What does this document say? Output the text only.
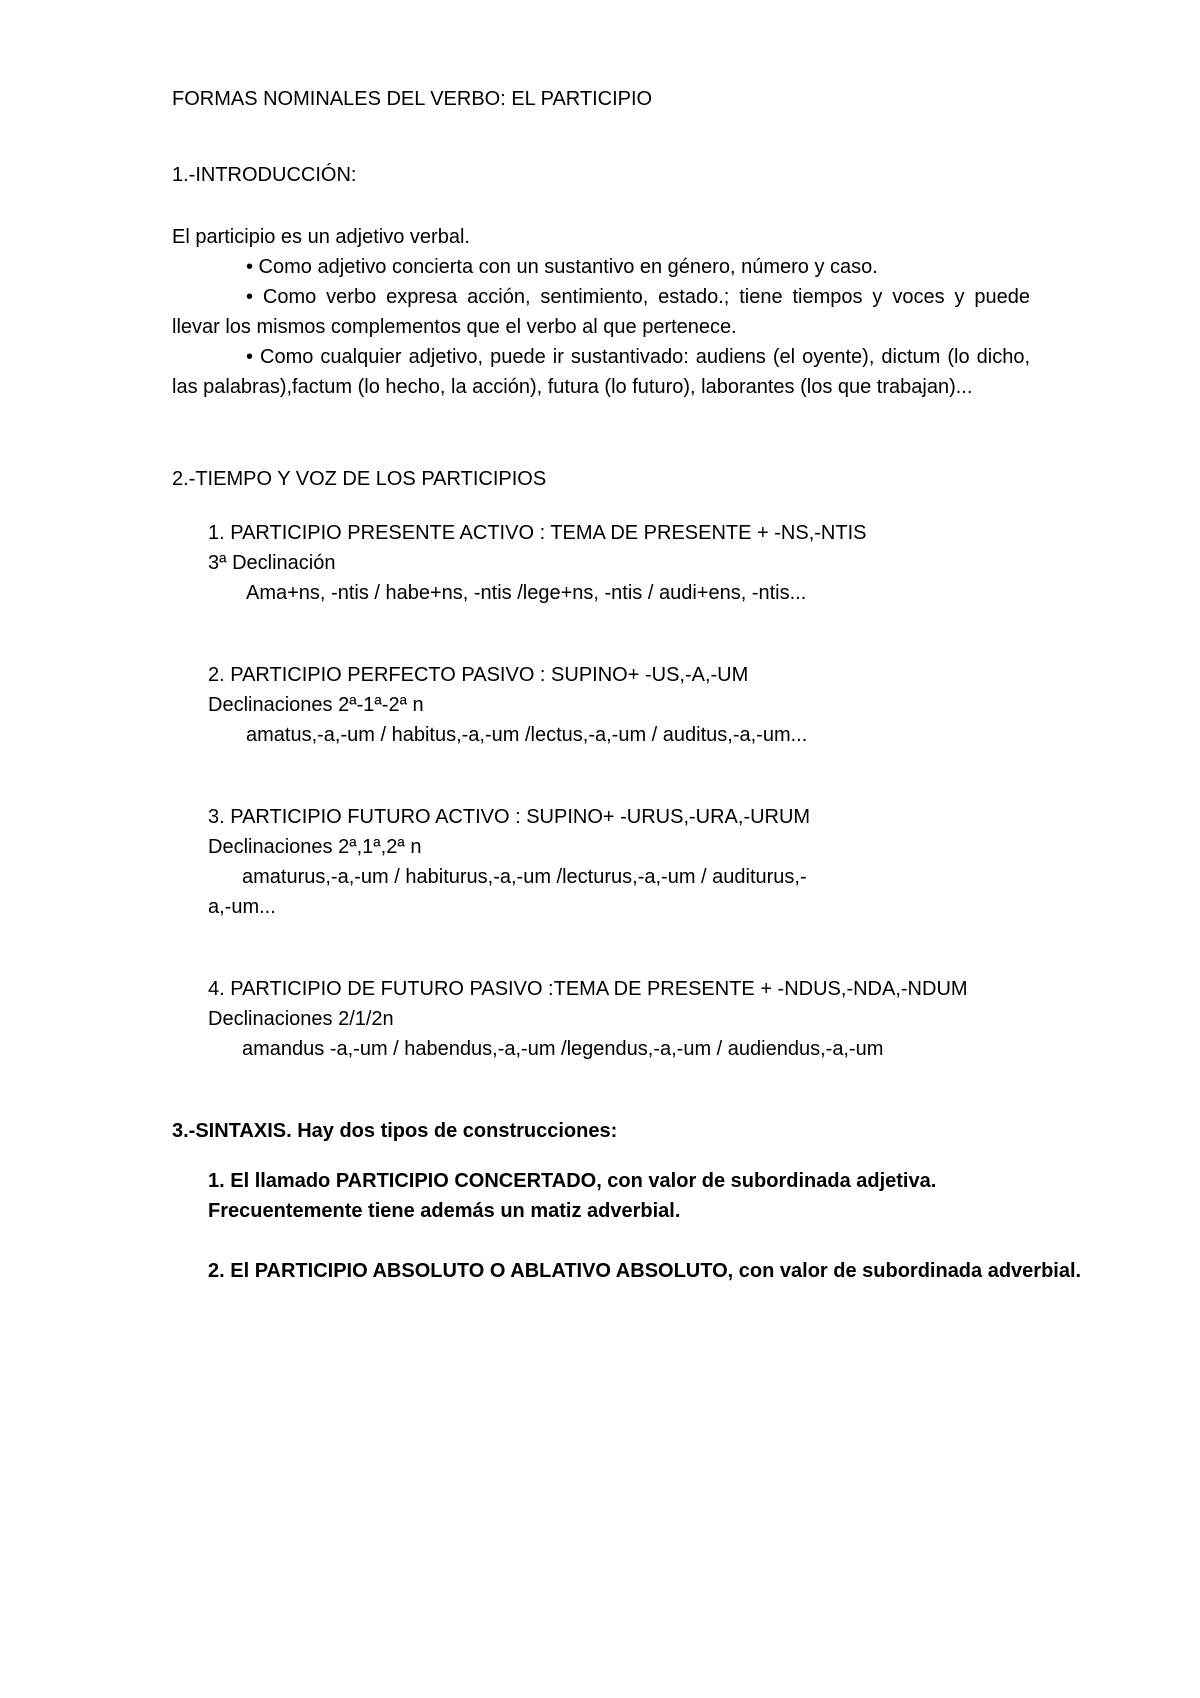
FORMAS NOMINALES DEL VERBO: EL PARTICIPIO
1.-INTRODUCCIÓN:
El participio es un adjetivo verbal.
• Como adjetivo concierta con un sustantivo en género, número y caso.
• Como verbo expresa acción, sentimiento, estado.; tiene tiempos y voces y puede llevar los mismos complementos que el verbo al que pertenece.
• Como cualquier adjetivo, puede ir sustantivado: audiens (el oyente), dictum (lo dicho, las palabras),factum (lo hecho, la acción), futura (lo futuro), laborantes (los que trabajan)...
2.-TIEMPO Y VOZ DE LOS PARTICIPIOS
1. PARTICIPIO PRESENTE ACTIVO : TEMA DE PRESENTE + -NS,-NTIS
3ª Declinación
Ama+ns, -ntis / habe+ns, -ntis /lege+ns, -ntis / audi+ens, -ntis...
2. PARTICIPIO PERFECTO PASIVO : SUPINO+ -US,-A,-UM
Declinaciones 2ª-1ª-2ª n
amatus,-a,-um / habitus,-a,-um /lectus,-a,-um / auditus,-a,-um...
3. PARTICIPIO FUTURO ACTIVO : SUPINO+ -URUS,-URA,-URUM
Declinaciones 2ª,1ª,2ª n
amaturus,-a,-um / habiturus,-a,-um /lecturus,-a,-um / auditurus,-
a,-um...
4. PARTICIPIO DE FUTURO PASIVO :TEMA DE PRESENTE + -NDUS,-NDA,-NDUM
Declinaciones 2/1/2n
amandus -a,-um / habendus,-a,-um /legendus,-a,-um / audiendus,-a,-um
3.-SINTAXIS. Hay dos tipos de construcciones:
1. El llamado PARTICIPIO CONCERTADO, con valor de subordinada adjetiva.
Frecuentemente tiene además un matiz adverbial.
2. El PARTICIPIO ABSOLUTO O ABLATIVO ABSOLUTO, con valor de subordinada adverbial.
